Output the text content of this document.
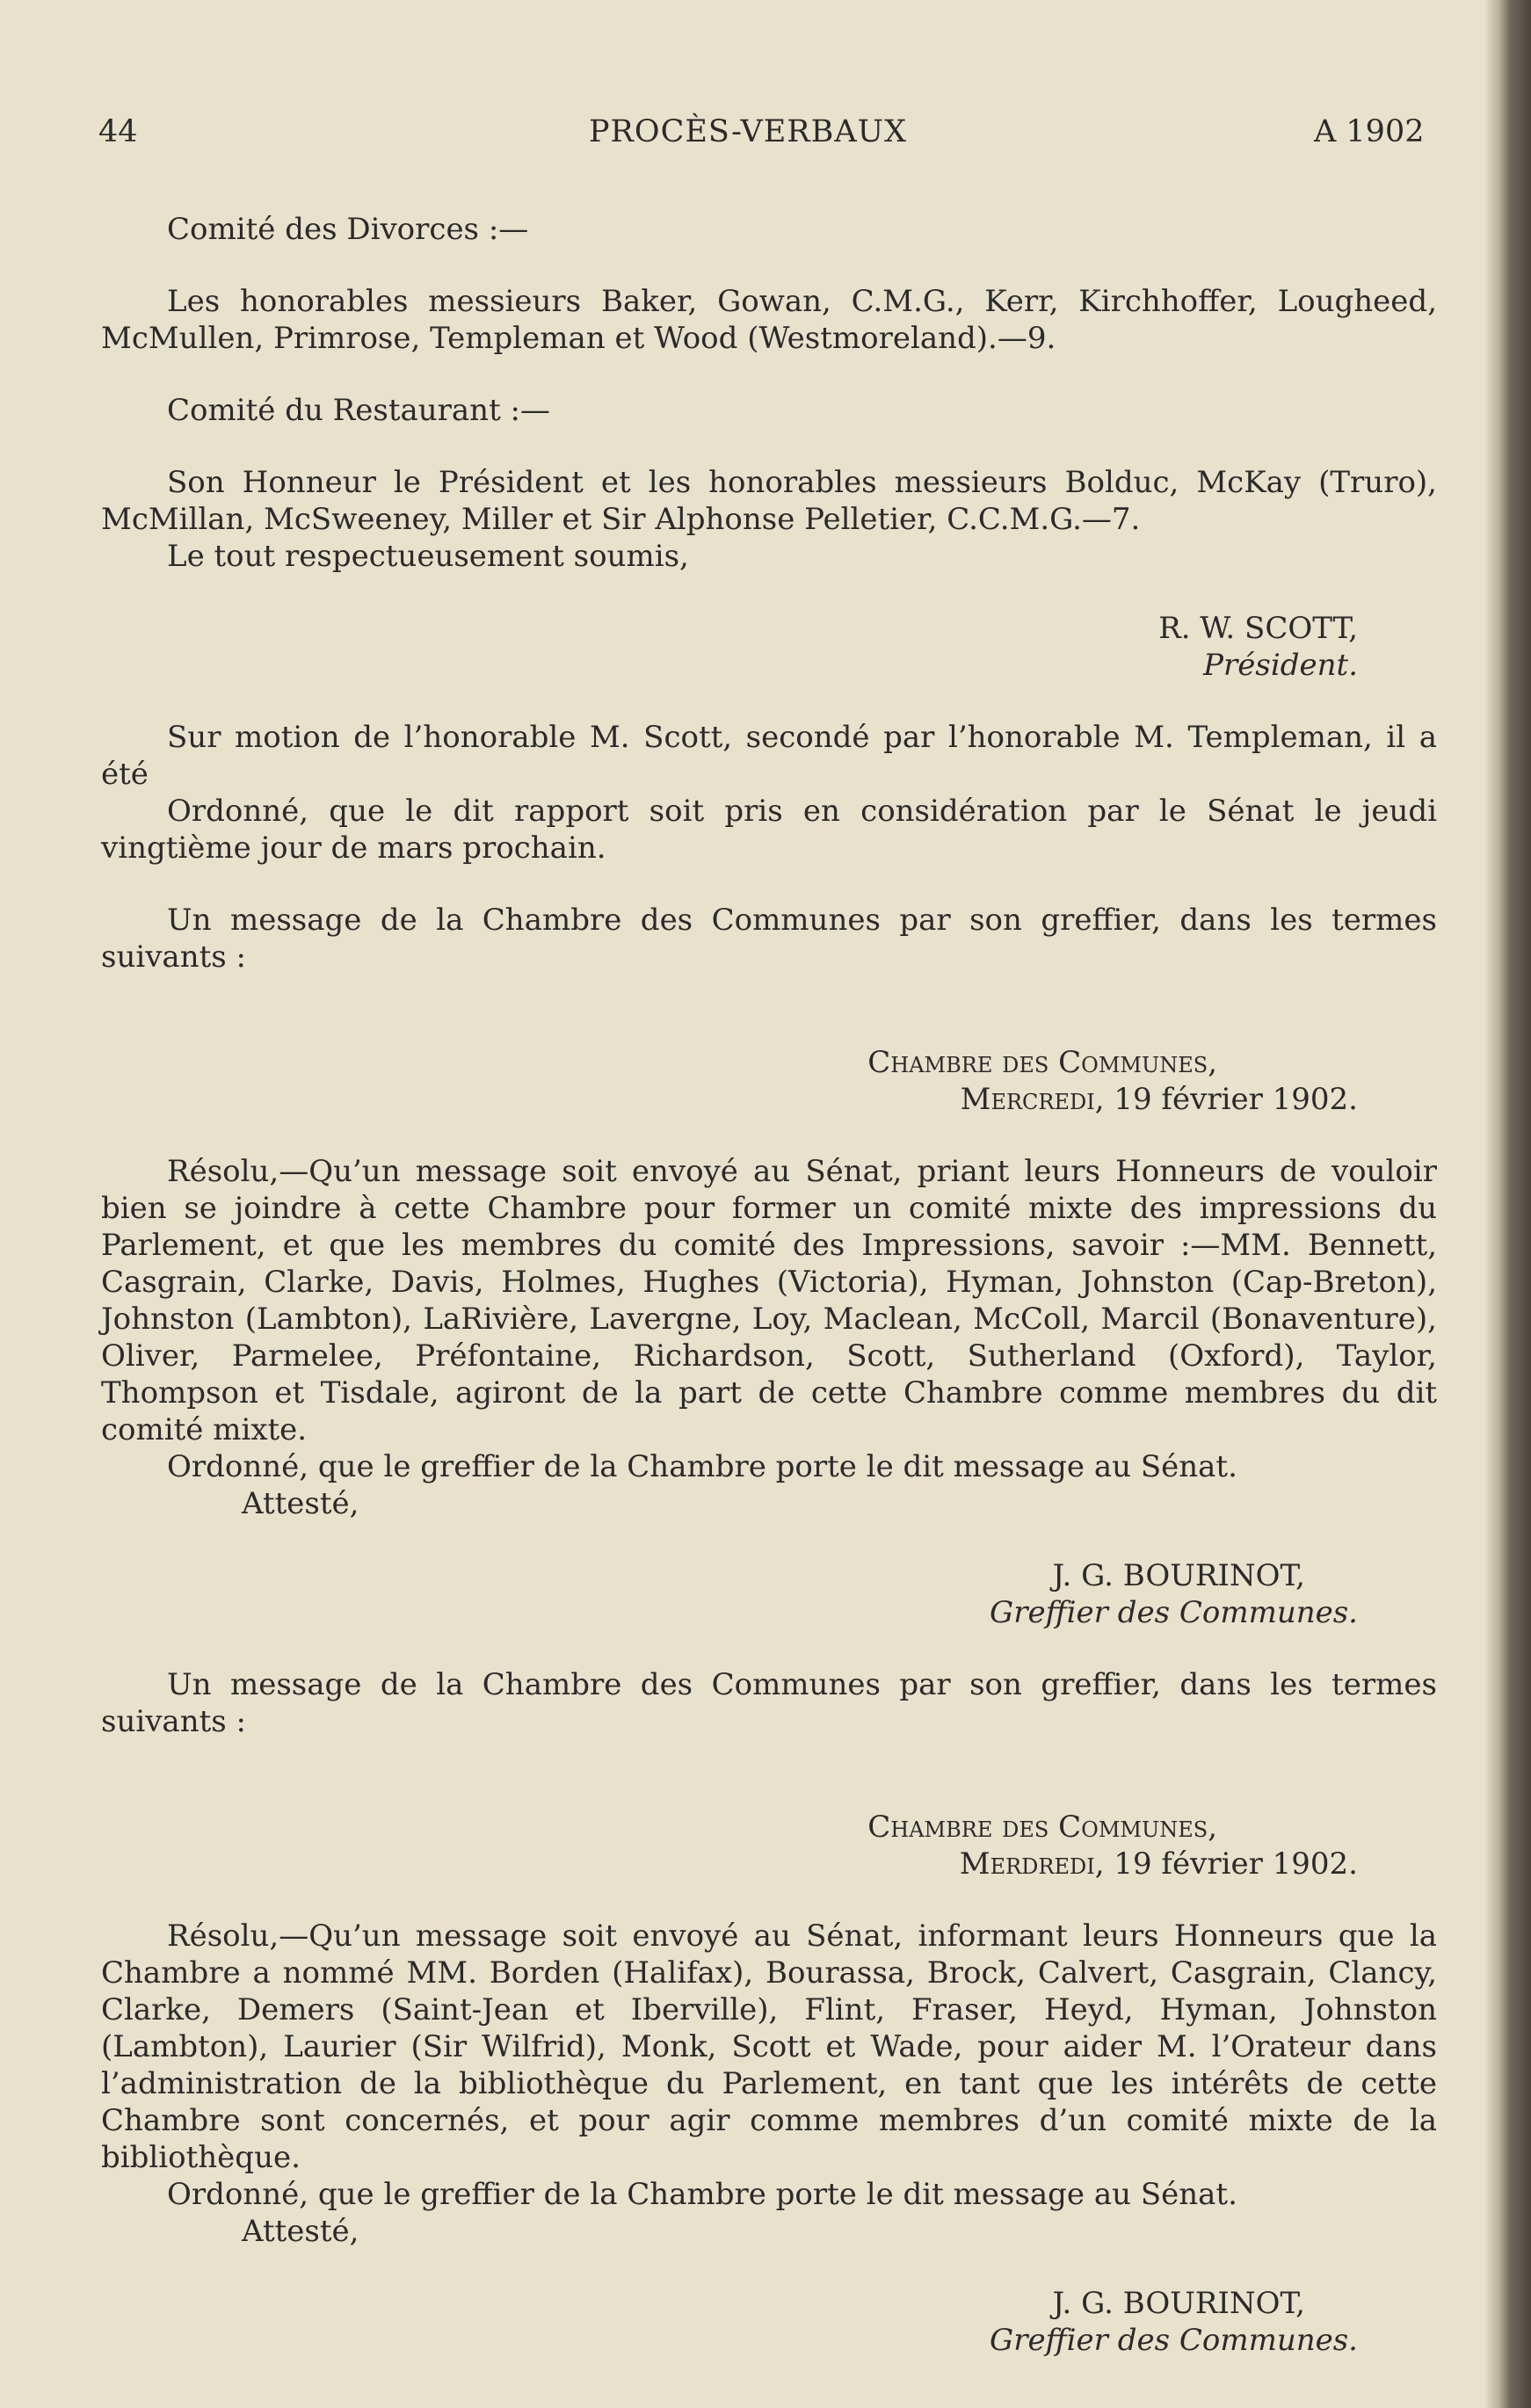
44	PROCÈS-VERBAUX	A 1902

Comité des Divorces :—

Les honorables messieurs Baker, Gowan, C.M.G., Kerr, Kirchhoffer, Lougheed, McMullen, Primrose, Templeman et Wood (Westmoreland).—9.

Comité du Restaurant :—

Son Honneur le Président et les honorables messieurs Bolduc, McKay (Truro), McMillan, McSweeney, Miller et Sir Alphonse Pelletier, C.C.M.G.—7.

Le tout respectueusement soumis,

R. W. SCOTT,

Président.

Sur motion de l’honorable M. Scott, secondé par l’honorable M. Templeman, il a été

Ordonné, que le dit rapport soit pris en considération par le Sénat le jeudi vingtième jour de mars prochain.

Un message de la Chambre des Communes par son greffier, dans les termes suivants :

Chambre des Communes,

Mercredi, 19 février 1902.

Résolu,—Qu’un message soit envoyé au Sénat, priant leurs Honneurs de vouloir bien se joindre à cette Chambre pour former un comité mixte des impressions du Parlement, et que les membres du comité des Impressions, savoir :—MM. Bennett, Casgrain, Clarke, Davis, Holmes, Hughes (Victoria), Hyman, Johnston (Cap-Breton), Johnston (Lambton), LaRivière, Lavergne, Loy, Maclean, McColl, Marcil (Bonaventure), Oliver, Parmelee, Préfontaine, Richardson, Scott, Sutherland (Oxford), Taylor, Thompson et Tisdale, agiront de la part de cette Chambre comme membres du dit comité mixte.

Ordonné, que le greffier de la Chambre porte le dit message au Sénat.

Attesté,

J. G. BOURINOT,

Greffier des Communes.

Un message de la Chambre des Communes par son greffier, dans les termes suivants :

Chambre des Communes,

Merdredi, 19 février 1902.

Résolu,—Qu’un message soit envoyé au Sénat, informant leurs Honneurs que la Chambre a nommé MM. Borden (Halifax), Bourassa, Brock, Calvert, Casgrain, Clancy, Clarke, Demers (Saint-Jean et Iberville), Flint, Fraser, Heyd, Hyman, Johnston (Lambton), Laurier (Sir Wilfrid), Monk, Scott et Wade, pour aider M. l’Orateur dans l’administration de la bibliothèque du Parlement, en tant que les intérêts de cette Chambre sont concernés, et pour agir comme membres d’un comité mixte de la bibliothèque.

Ordonné, que le greffier de la Chambre porte le dit message au Sénat.

Attesté,

J. G. BOURINOT,

Greffier des Communes.
